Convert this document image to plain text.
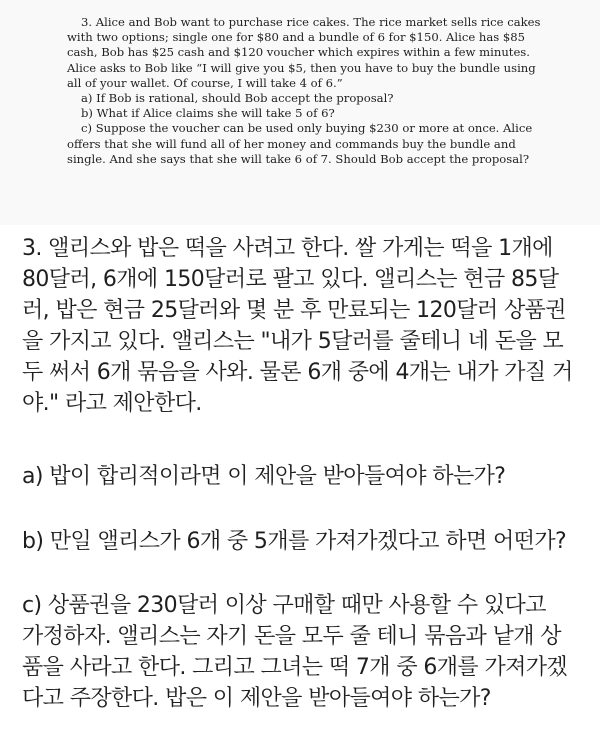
3. Alice and Bob want to purchase rice cakes. The rice market sells rice cakes
with two options; single one for $80 and a bundle of 6 for $150. Alice has $85
cash, Bob has $25 cash and $120 voucher which expires within a few minutes.
Alice asks to Bob like “I will give you $5, then you have to buy the bundle using
all of your wallet. Of course, I will take 4 of 6.”
a) If Bob is rational, should Bob accept the proposal?
b) What if Alice claims she will take 5 of 6?
c) Suppose the voucher can be used only buying $230 or more at once. Alice
offers that she will fund all of her money and commands buy the bundle and
single. And she says that she will take 6 of 7. Should Bob accept the proposal?
3. 앨리스와 밥은 떡을 사려고 한다. 쌀 가게는 떡을 1개에
80달러, 6개에 150달러로 팔고 있다. 앨리스는 현금 85달
러, 밥은 현금 25달러와 몇 분 후 만료되는 120달러 상품권
을 가지고 있다. 앨리스는 "내가 5달러를 줄테니 네 돈을 모
두 써서 6개 묶음을 사와. 물론 6개 중에 4개는 내가 가질 거
야." 라고 제안한다.
a) 밥이 합리적이라면 이 제안을 받아들여야 하는가?
b) 만일 앨리스가 6개 중 5개를 가져가겠다고 하면 어떤가?
c) 상품권을 230달러 이상 구매할 때만 사용할 수 있다고
가정하자. 앨리스는 자기 돈을 모두 줄 테니 묶음과 낱개 상
품을 사라고 한다. 그리고 그녀는 떡 7개 중 6개를 가져가겠
다고 주장한다. 밥은 이 제안을 받아들여야 하는가?
